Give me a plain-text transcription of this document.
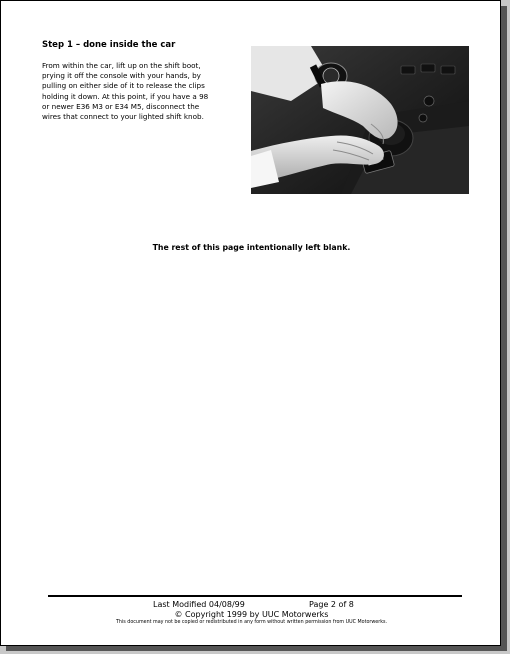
Step 1 – done inside the car
From within the car, lift up on the shift boot,
prying it off the console with your hands, by
pulling on either side of it to release the clips
holding it down. At this point, if you have a 98
or newer E36 M3 or E34 M5, disconnect the
wires that connect to your lighted shift knob.
The rest of this page intentionally left blank.
Last Modified 04/08/99	Page 2 of 8
© Copyright 1999 by UUC Motorwerks
This document may not be copied or redistributed in any form without written permission from UUC Motorwerks.
